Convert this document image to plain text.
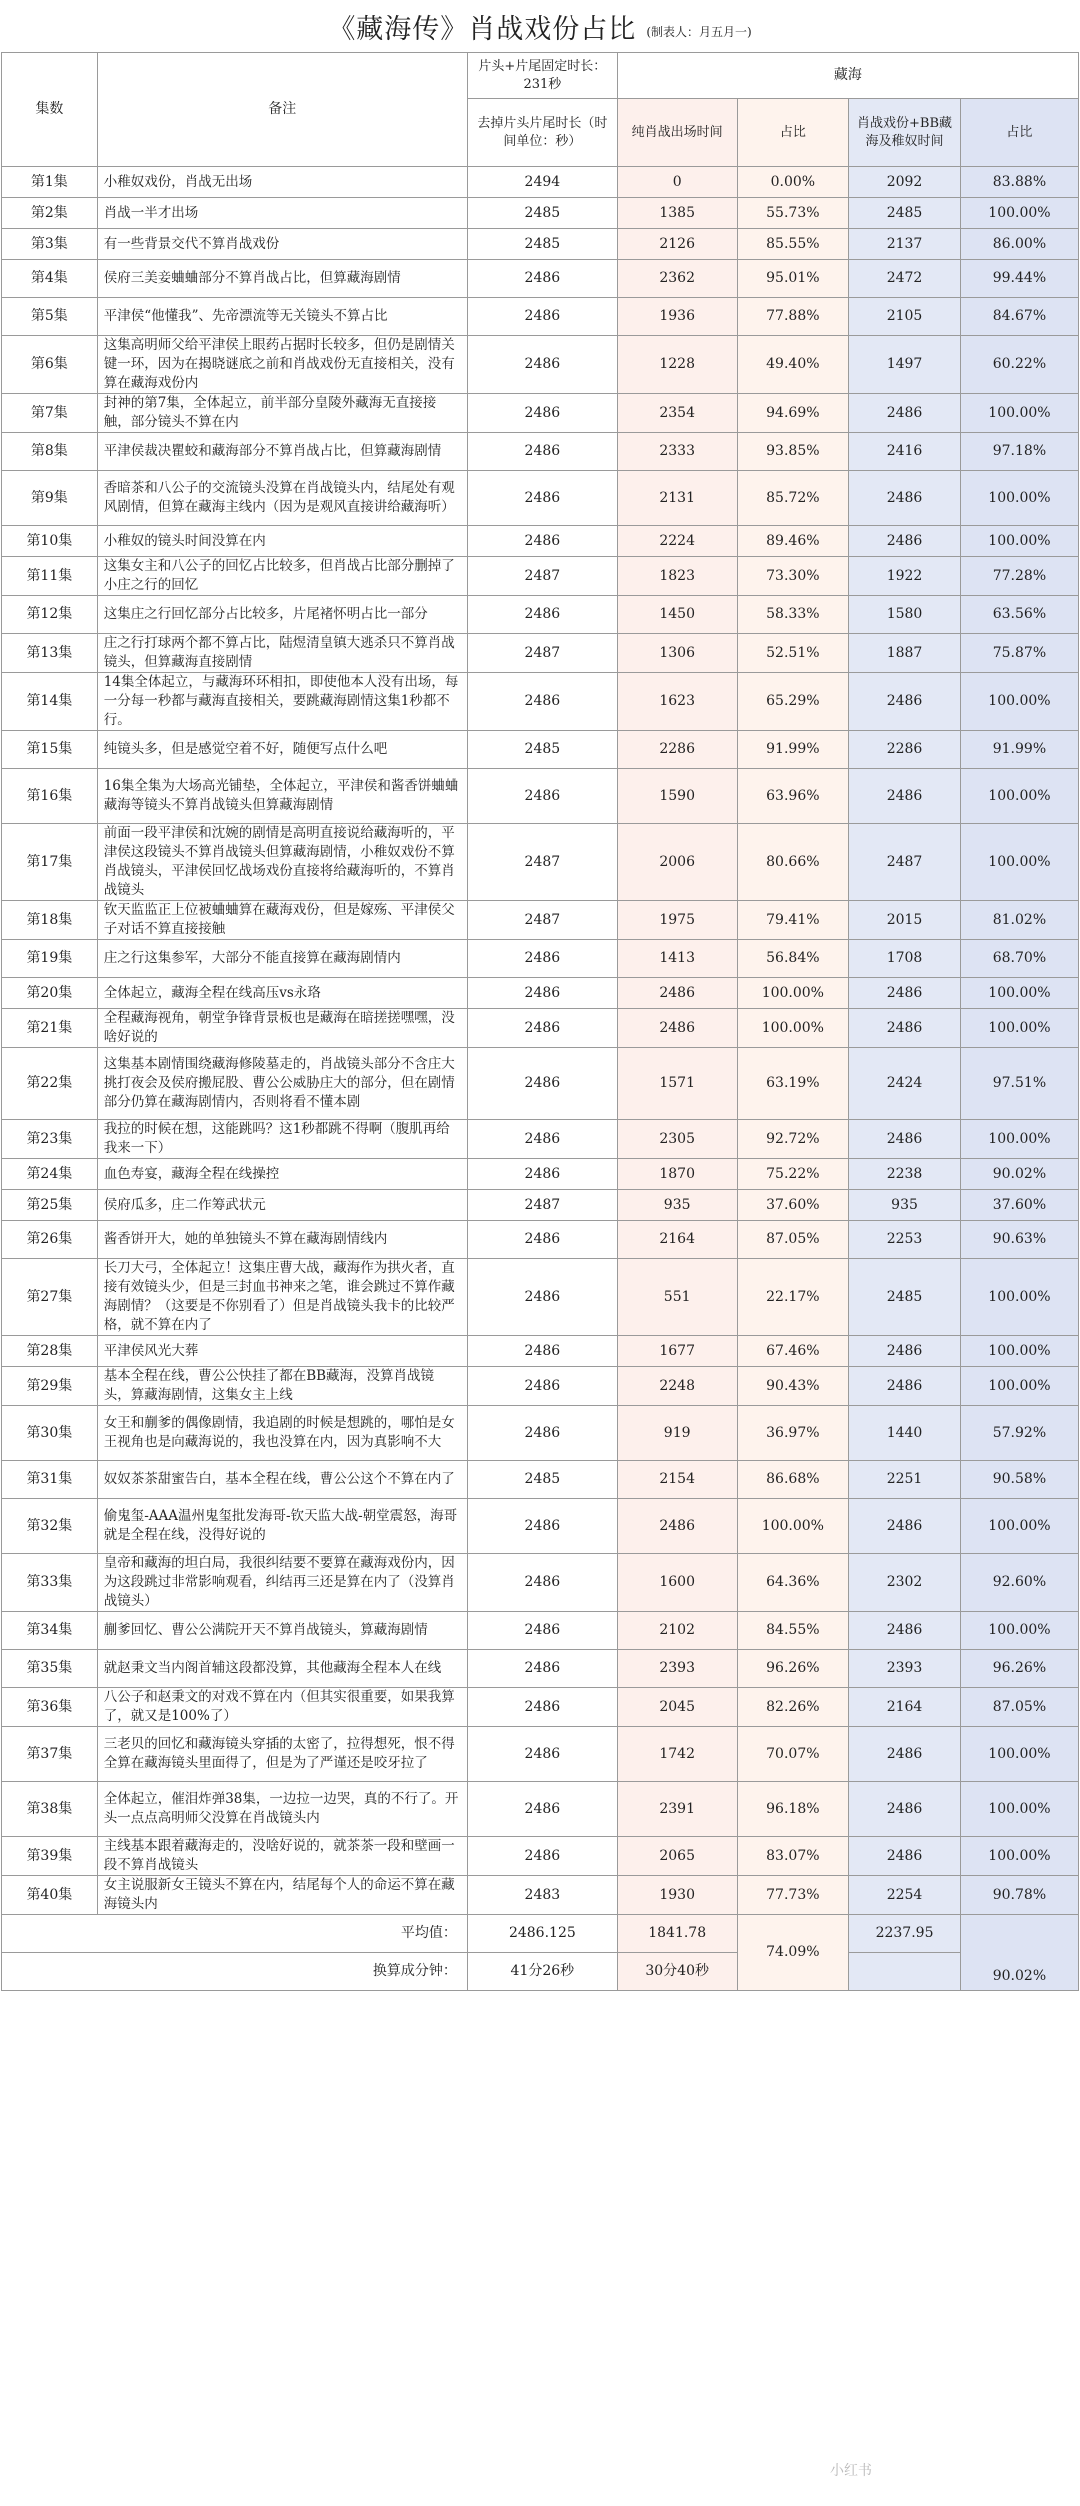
《藏海传》肖战戏份占比 (制表人：月五月一)
集数	备注	片头+片尾固定时长：231秒	藏海			
		去掉片头片尾时长（时间单位：秒）	纯肖战出场时间	占比	肖战戏份+BB藏海及稚奴时间	占比
第1集	小稚奴戏份，肖战无出场	2494	0	0.00%	2092	83.88%
第2集	肖战一半才出场	2485	1385	55.73%	2485	100.00%
第3集	有一些背景交代不算肖战戏份	2485	2126	85.55%	2137	86.00%
第4集	侯府三美妾蛐蛐部分不算肖战占比，但算藏海剧情	2486	2362	95.01%	2472	99.44%
第5集	平津侯“他懂我”、先帝漂流等无关镜头不算占比	2486	1936	77.88%	2105	84.67%
第6集	这集高明师父给平津侯上眼药占据时长较多，但仍是剧情关键一环，因为在揭晓谜底之前和肖战戏份无直接相关，没有算在藏海戏份内	2486	1228	49.40%	1497	60.22%
第7集	封神的第7集，全体起立，前半部分皇陵外藏海无直接接触，部分镜头不算在内	2486	2354	94.69%	2486	100.00%
第8集	平津侯裁决瞿蛟和藏海部分不算肖战占比，但算藏海剧情	2486	2333	93.85%	2416	97.18%
第9集	香暗茶和八公子的交流镜头没算在肖战镜头内，结尾处有观风剧情，但算在藏海主线内（因为是观风直接讲给藏海听）	2486	2131	85.72%	2486	100.00%
第10集	小稚奴的镜头时间没算在内	2486	2224	89.46%	2486	100.00%
第11集	这集女主和八公子的回忆占比较多，但肖战占比部分删掉了小庄之行的回忆	2487	1823	73.30%	1922	77.28%
第12集	这集庄之行回忆部分占比较多，片尾褚怀明占比一部分	2486	1450	58.33%	1580	63.56%
第13集	庄之行打球两个都不算占比，陆煜清皇镇大逃杀只不算肖战镜头，但算藏海直接剧情	2487	1306	52.51%	1887	75.87%
第14集	14集全体起立，与藏海环环相扣，即使他本人没有出场，每一分每一秒都与藏海直接相关，要跳藏海剧情这集1秒都不行。	2486	1623	65.29%	2486	100.00%
第15集	纯镜头多，但是感觉空着不好，随便写点什么吧	2485	2286	91.99%	2286	91.99%
第16集	16集全集为大场高光铺垫，全体起立，平津侯和酱香饼蛐蛐藏海等镜头不算肖战镜头但算藏海剧情	2486	1590	63.96%	2486	100.00%
第17集	前面一段平津侯和沈婉的剧情是高明直接说给藏海听的，平津侯这段镜头不算肖战镜头但算藏海剧情，小稚奴戏份不算肖战镜头，平津侯回忆战场戏份直接将给藏海听的，不算肖战镜头	2487	2006	80.66%	2487	100.00%
第18集	钦天监监正上位被蛐蛐算在藏海戏份，但是嫁殇、平津侯父子对话不算直接接触	2487	1975	79.41%	2015	81.02%
第19集	庄之行这集参军，大部分不能直接算在藏海剧情内	2486	1413	56.84%	1708	68.70%
第20集	全体起立，藏海全程在线高压vs永珞	2486	2486	100.00%	2486	100.00%
第21集	全程藏海视角，朝堂争锋背景板也是藏海在暗搓搓嘿嘿，没啥好说的	2486	2486	100.00%	2486	100.00%
第22集	这集基本剧情围绕藏海修陵墓走的，肖战镜头部分不含庄大挑打夜会及侯府搬屁股、曹公公威胁庄大的部分，但在剧情部分仍算在藏海剧情内，否则将看不懂本剧	2486	1571	63.19%	2424	97.51%
第23集	我拉的时候在想，这能跳吗？这1秒都跳不得啊（腹肌再给我来一下）	2486	2305	92.72%	2486	100.00%
第24集	血色寿宴，藏海全程在线操控	2486	1870	75.22%	2238	90.02%
第25集	侯府瓜多，庄二作筹武状元	2487	935	37.60%	935	37.60%
第26集	酱香饼开大，她的单独镜头不算在藏海剧情线内	2486	2164	87.05%	2253	90.63%
第27集	长刀大弓，全体起立！这集庄曹大战，藏海作为拱火者，直接有效镜头少，但是三封血书神来之笔，谁会跳过不算作藏海剧情？（这要是不你别看了）但是肖战镜头我卡的比较严格，就不算在内了	2486	551	22.17%	2485	100.00%
第28集	平津侯风光大葬	2486	1677	67.46%	2486	100.00%
第29集	基本全程在线，曹公公快挂了都在BB藏海，没算肖战镜头，算藏海剧情，这集女主上线	2486	2248	90.43%	2486	100.00%
第30集	女王和蒯爹的偶像剧情，我追剧的时候是想跳的，哪怕是女王视角也是向藏海说的，我也没算在内，因为真影响不大	2486	919	36.97%	1440	57.92%
第31集	奴奴茶茶甜蜜告白，基本全程在线，曹公公这个不算在内了	2485	2154	86.68%	2251	90.58%
第32集	偷鬼玺-AAA温州鬼玺批发海哥-钦天监大战-朝堂震怒，海哥就是全程在线，没得好说的	2486	2486	100.00%	2486	100.00%
第33集	皇帝和藏海的坦白局，我很纠结要不要算在藏海戏份内，因为这段跳过非常影响观看，纠结再三还是算在内了（没算肖战镜头）	2486	1600	64.36%	2302	92.60%
第34集	蒯爹回忆、曹公公满院开天不算肖战镜头，算藏海剧情	2486	2102	84.55%	2486	100.00%
第35集	就赵秉文当内阁首辅这段都没算，其他藏海全程本人在线	2486	2393	96.26%	2393	96.26%
第36集	八公子和赵秉文的对戏不算在内（但其实很重要，如果我算了，就又是100%了）	2486	2045	82.26%	2164	87.05%
第37集	三老贝的回忆和藏海镜头穿插的太密了，拉得想死，恨不得全算在藏海镜头里面得了，但是为了严谨还是咬牙拉了	2486	1742	70.07%	2486	100.00%
第38集	全体起立，催泪炸弹38集，一边拉一边哭，真的不行了。开头一点点高明师父没算在肖战镜头内	2486	2391	96.18%	2486	100.00%
第39集	主线基本跟着藏海走的，没啥好说的，就茶茶一段和壁画一段不算肖战镜头	2486	2065	83.07%	2486	100.00%
第40集	女主说服新女王镜头不算在内，结尾每个人的命运不算在藏海镜头内	2483	1930	77.73%	2254	90.78%
平均值：		2486.125	1841.78	74.09%	2237.95	90.02%
换算成分钟：		41分26秒	30分40秒			
小红书
